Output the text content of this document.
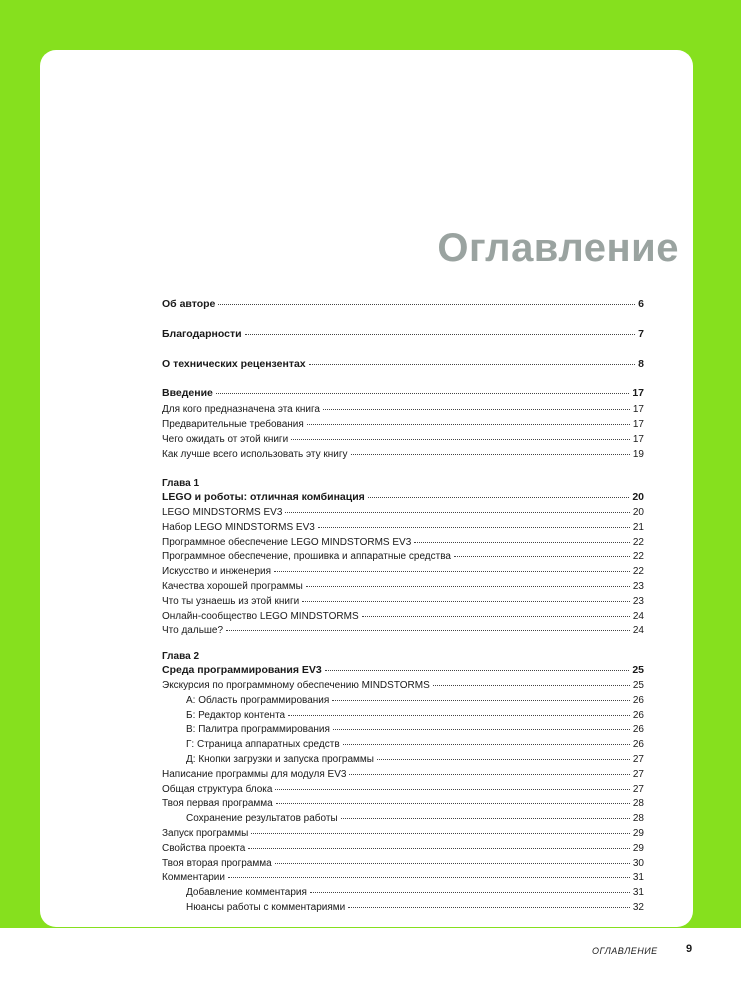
Оглавление
Об авторе	6
Благодарности	7
О технических рецензентах	8
Введение	17
Для кого предназначена эта книга	17
Предварительные требования	17
Чего ожидать от этой книги	17
Как лучше всего использовать эту книгу	19
Глава 1
LEGO и роботы: отличная комбинация	20
LEGO MINDSTORMS EV3	20
Набор LEGO MINDSTORMS EV3	21
Программное обеспечение LEGO MINDSTORMS EV3	22
Программное обеспечение, прошивка и аппаратные средства	22
Искусство и инженерия	22
Качества хорошей программы	23
Что ты узнаешь из этой книги	23
Онлайн-сообщество LEGO MINDSTORMS	24
Что дальше?	24
Глава 2
Среда программирования EV3	25
Экскурсия по программному обеспечению MINDSTORMS	25
А: Область программирования	26
Б: Редактор контента	26
В: Палитра программирования	26
Г: Страница аппаратных средств	26
Д: Кнопки загрузки и запуска программы	27
Написание программы для модуля EV3	27
Общая структура блока	27
Твоя первая программа	28
Сохранение результатов работы	28
Запуск программы	29
Свойства проекта	29
Твоя вторая программа	30
Комментарии	31
Добавление комментария	31
Нюансы работы с комментариями	32
ОГЛАВЛЕНИЕ	9
